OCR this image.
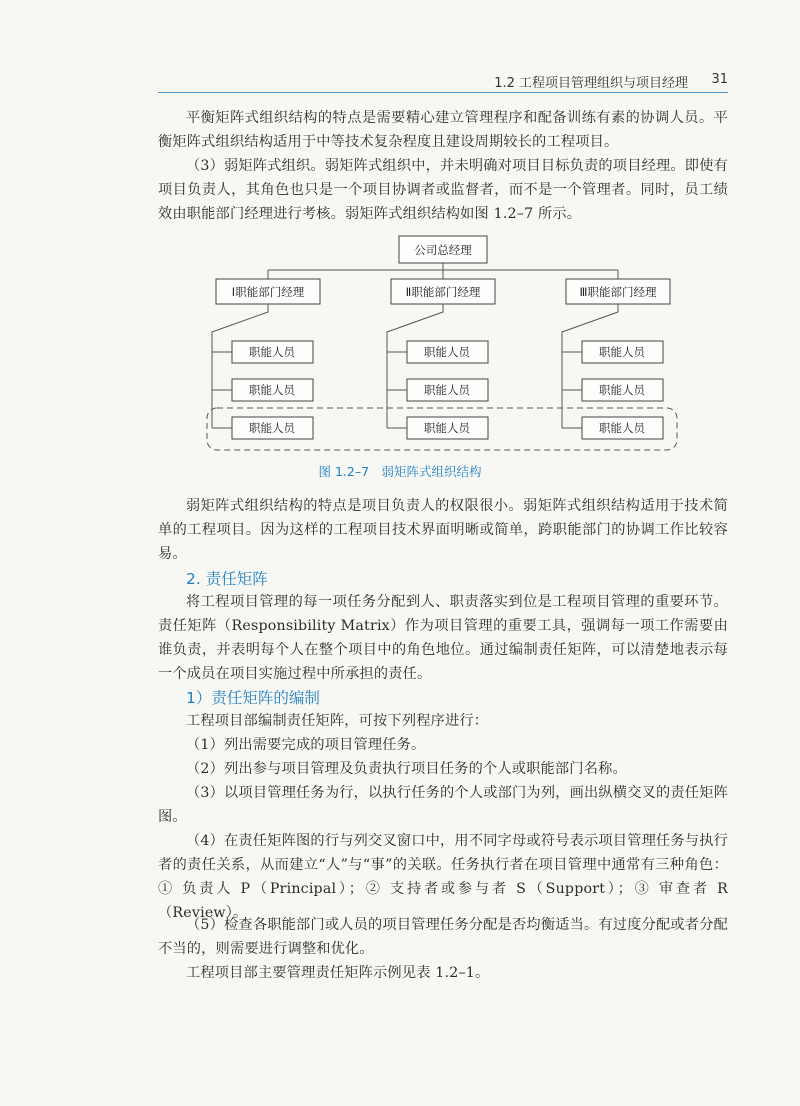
1.2 工程项目管理组织与项目经理 31

平衡矩阵式组织结构的特点是需要精心建立管理程序和配备训练有素的协调人员。平衡矩阵式组织结构适用于中等技术复杂程度且建设周期较长的工程项目。

（3）弱矩阵式组织。弱矩阵式组织中，并未明确对项目目标负责的项目经理。即使有项目负责人，其角色也只是一个项目协调者或监督者，而不是一个管理者。同时，员工绩效由职能部门经理进行考核。弱矩阵式组织结构如图 1.2–7 所示。

公司总经理
Ⅰ职能部门经理	Ⅱ职能部门经理	Ⅲ职能部门经理
职能人员
职能人员
职能人员
职能人员
职能人员
职能人员
职能人员
职能人员
职能人员
图 1.2–7　弱矩阵式组织结构

弱矩阵式组织结构的特点是项目负责人的权限很小。弱矩阵式组织结构适用于技术简单的工程项目。因为这样的工程项目技术界面明晰或简单，跨职能部门的协调工作比较容易。

2. 责任矩阵

将工程项目管理的每一项任务分配到人、职责落实到位是工程项目管理的重要环节。责任矩阵（Responsibility Matrix）作为项目管理的重要工具，强调每一项工作需要由谁负责，并表明每个人在整个项目中的角色地位。通过编制责任矩阵，可以清楚地表示每一个成员在项目实施过程中所承担的责任。

1）责任矩阵的编制

工程项目部编制责任矩阵，可按下列程序进行：

（1）列出需要完成的项目管理任务。

（2）列出参与项目管理及负责执行项目任务的个人或职能部门名称。

（3）以项目管理任务为行，以执行任务的个人或部门为列，画出纵横交叉的责任矩阵图。

（4）在责任矩阵图的行与列交叉窗口中，用不同字母或符号表示项目管理任务与执行者的责任关系，从而建立“人”与“事”的关联。任务执行者在项目管理中通常有三种角色：① 负责人 P（Principal）；② 支持者或参与者 S（Support）；③ 审查者 R（Review）。

（5）检查各职能部门或人员的项目管理任务分配是否均衡适当。有过度分配或者分配不当的，则需要进行调整和优化。

工程项目部主要管理责任矩阵示例见表 1.2–1。
